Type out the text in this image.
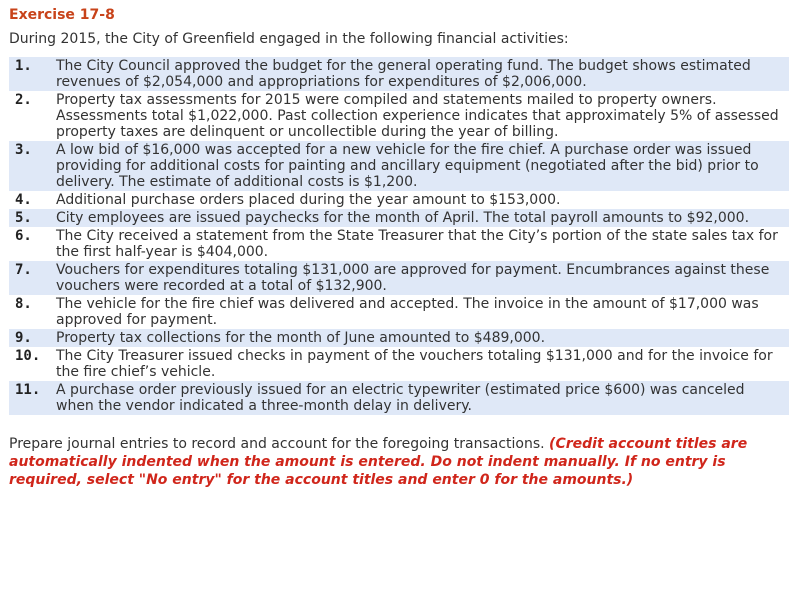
Exercise 17-8
During 2015, the City of Greenfield engaged in the following financial activities:
1.	The City Council approved the budget for the general operating fund. The budget shows estimated revenues of $2,054,000 and appropriations for expenditures of $2,006,000.
2.	Property tax assessments for 2015 were compiled and statements mailed to property owners. Assessments total $1,022,000. Past collection experience indicates that approximately 5% of assessed property taxes are delinquent or uncollectible during the year of billing.
3.	A low bid of $16,000 was accepted for a new vehicle for the fire chief. A purchase order was issued providing for additional costs for painting and ancillary equipment (negotiated after the bid) prior to delivery. The estimate of additional costs is $1,200.
4.	Additional purchase orders placed during the year amount to $153,000.
5.	City employees are issued paychecks for the month of April. The total payroll amounts to $92,000.
6.	The City received a statement from the State Treasurer that the City’s portion of the state sales tax for the first half-year is $404,000.
7.	Vouchers for expenditures totaling $131,000 are approved for payment. Encumbrances against these vouchers were recorded at a total of $132,900.
8.	The vehicle for the fire chief was delivered and accepted. The invoice in the amount of $17,000 was approved for payment.
9.	Property tax collections for the month of June amounted to $489,000.
10.	The City Treasurer issued checks in payment of the vouchers totaling $131,000 and for the invoice for the fire chief’s vehicle.
11.	A purchase order previously issued for an electric typewriter (estimated price $600) was canceled when the vendor indicated a three-month delay in delivery.
Prepare journal entries to record and account for the foregoing transactions. (Credit account titles are automatically indented when the amount is entered. Do not indent manually. If no entry is required, select "No entry" for the account titles and enter 0 for the amounts.)
